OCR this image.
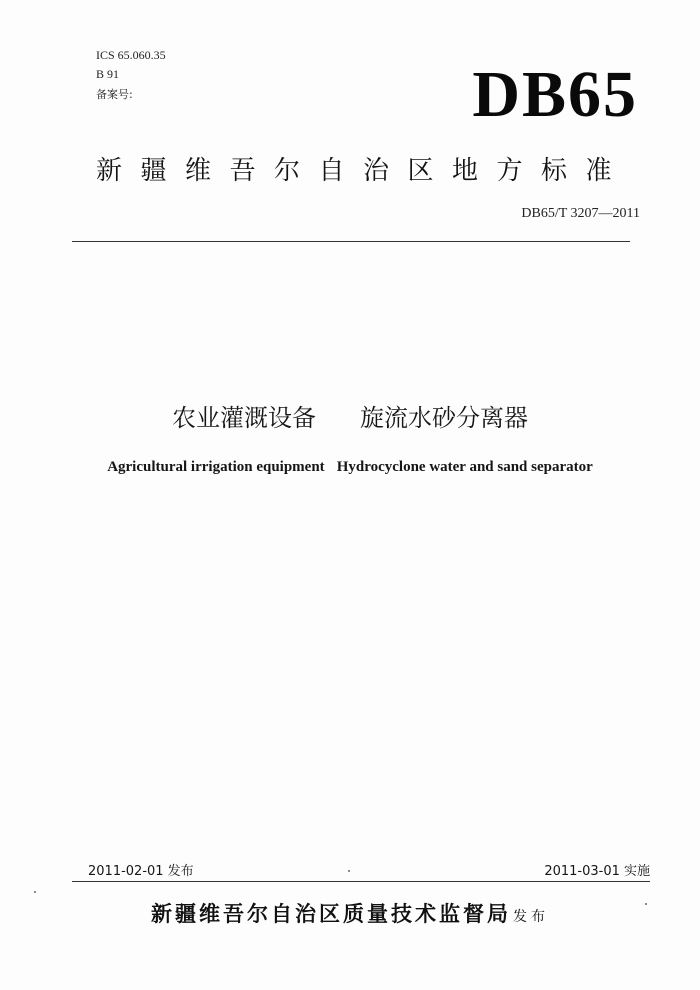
ICS 65.060.35
B 91
备案号:	DB65
新疆维吾尔自治区地方标准
DB65/T 3207—2011
农业灌溉设备 旋流水砂分离器
Agricultural irrigation equipment Hydrocyclone water and sand separator
2011-02-01 发布	2011-03-01 实施
新疆维吾尔自治区质量技术监督局 发布
